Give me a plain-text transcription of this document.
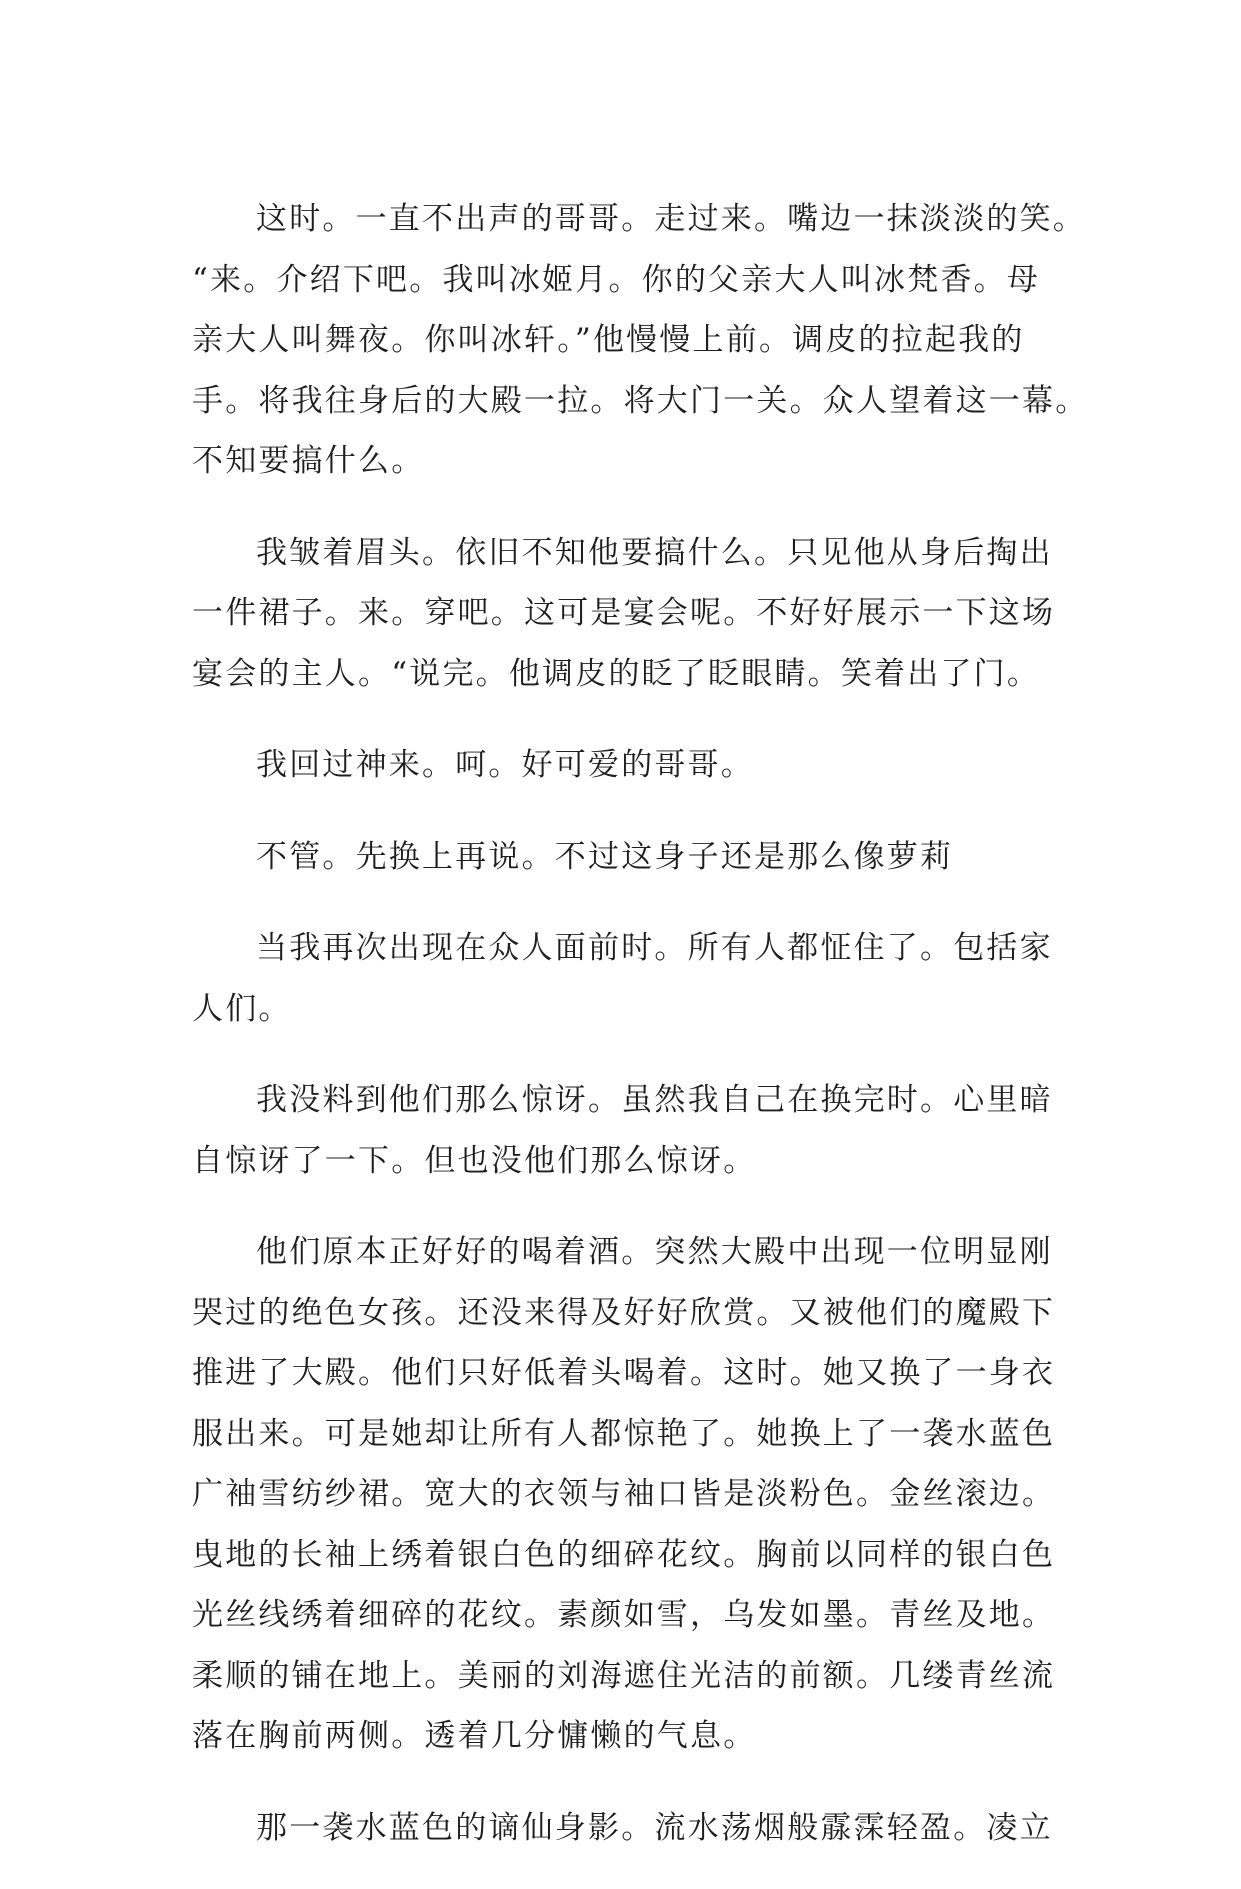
这时。一直不出声的哥哥。走过来。嘴边一抹淡淡的笑。
“来。介绍下吧。我叫冰姬月。你的父亲大人叫冰梵香。母
亲大人叫舞夜。你叫冰轩。”他慢慢上前。调皮的拉起我的
手。将我往身后的大殿一拉。将大门一关。众人望着这一幕。
不知要搞什么。

我皱着眉头。依旧不知他要搞什么。只见他从身后掏出
一件裙子。来。穿吧。这可是宴会呢。不好好展示一下这场
宴会的主人。“说完。他调皮的眨了眨眼睛。笑着出了门。

我回过神来。呵。好可爱的哥哥。

不管。先换上再说。不过这身子还是那么像萝莉

当我再次出现在众人面前时。所有人都怔住了。包括家
人们。

我没料到他们那么惊讶。虽然我自己在换完时。心里暗
自惊讶了一下。但也没他们那么惊讶。

他们原本正好好的喝着酒。突然大殿中出现一位明显刚
哭过的绝色女孩。还没来得及好好欣赏。又被他们的魔殿下
推进了大殿。他们只好低着头喝着。这时。她又换了一身衣
服出来。可是她却让所有人都惊艳了。她换上了一袭水蓝色
广袖雪纺纱裙。宽大的衣领与袖口皆是淡粉色。金丝滚边。
曳地的长袖上绣着银白色的细碎花纹。胸前以同样的银白色
光丝线绣着细碎的花纹。素颜如雪，乌发如墨。青丝及地。
柔顺的铺在地上。美丽的刘海遮住光洁的前额。几缕青丝流
落在胸前两侧。透着几分慵懒的气息。

那一袭水蓝色的谪仙身影。流水荡烟般霡霂轻盈。凌立
